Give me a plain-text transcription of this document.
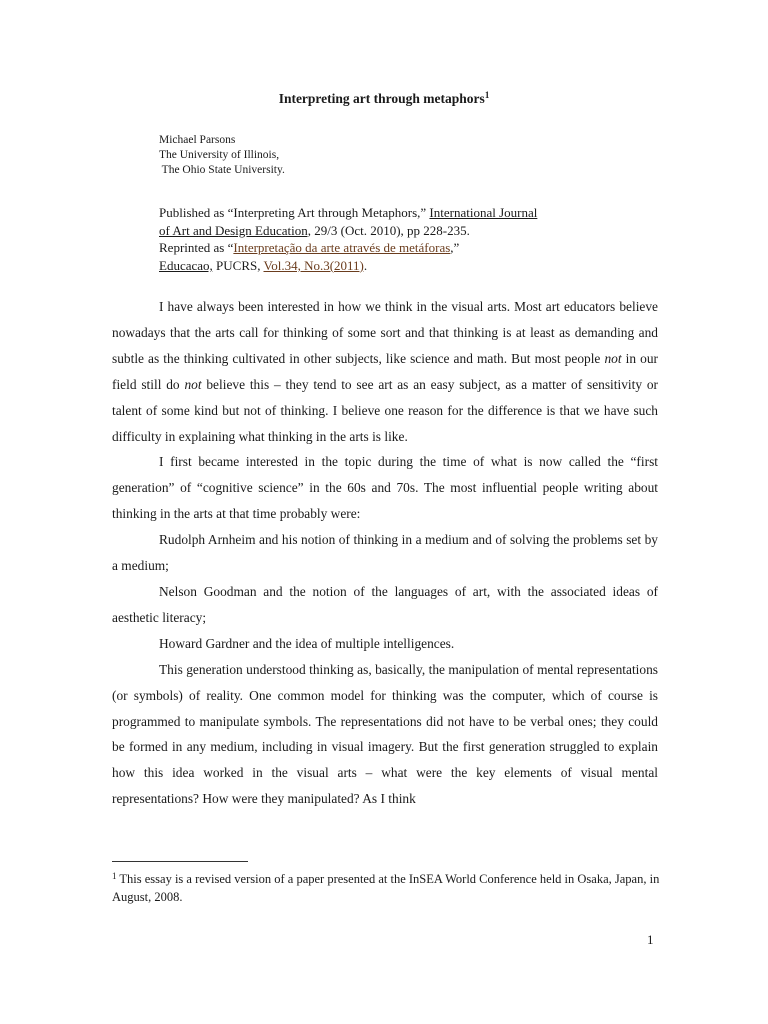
Interpreting art through metaphors$^1$
Michael Parsons
The University of Illinois,
The Ohio State University.
Published as “Interpreting Art through Metaphors,” International Journal
of Art and Design Education, 29/3 (Oct. 2010), pp 228-235.
Reprinted as “Interpretação da arte através de metáforas,”
Educacao, PUCRS, Vol.34, No.3(2011).

I have always been interested in how we think in the visual arts. Most art educators believe nowadays that the arts call for thinking of some sort and that thinking is at least as demanding and subtle as the thinking cultivated in other subjects, like science and math. But most people not in our field still do not believe this – they tend to see art as an easy subject, as a matter of sensitivity or talent of some kind but not of thinking. I believe one reason for the difference is that we have such difficulty in explaining what thinking in the arts is like.

I first became interested in the topic during the time of what is now called the “first generation” of “cognitive science” in the 60s and 70s. The most influential people writing about thinking in the arts at that time probably were:

Rudolph Arnheim and his notion of thinking in a medium and of solving the problems set by a medium;

Nelson Goodman and the notion of the languages of art, with the associated ideas of aesthetic literacy;

Howard Gardner and the idea of multiple intelligences.

This generation understood thinking as, basically, the manipulation of mental representations (or symbols) of reality. One common model for thinking was the computer, which of course is programmed to manipulate symbols. The representations did not have to be verbal ones; they could be formed in any medium, including in visual imagery. But the first generation struggled to explain how this idea worked in the visual arts – what were the key elements of visual mental representations? How were they manipulated? As I think

$^1$ This essay is a revised version of a paper presented at the InSEA World Conference held in Osaka, Japan, in August, 2008.
1
